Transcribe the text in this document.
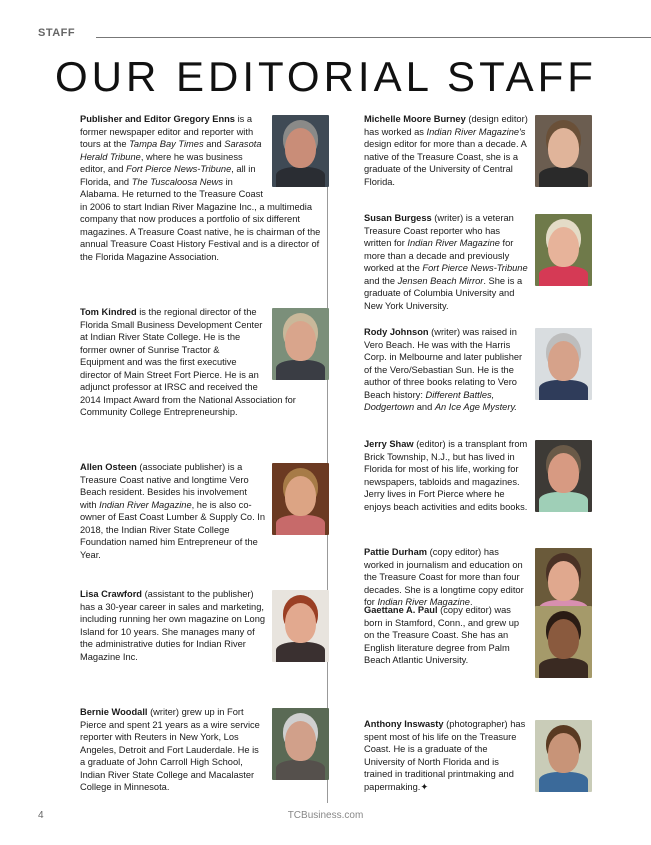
STAFF
OUR EDITORIAL STAFF
Publisher and Editor Gregory Enns is a former newspaper editor and reporter with tours at the Tampa Bay Times and Sarasota Herald Tribune, where he was business editor, and Fort Pierce News-Tribune, all in Florida, and The Tuscaloosa News in Alabama. He returned to the Treasure Coast in 2006 to start Indian River Magazine Inc., a multimedia company that now produces a portfolio of six different magazines. A Treasure Coast native, he is chairman of the annual Treasure Coast History Festival and is a director of the Florida Magazine Association.
Tom Kindred is the regional director of the Florida Small Business Development Center at Indian River State College. He is the former owner of Sunrise Tractor & Equipment and was the first executive director of Main Street Fort Pierce. He is an adjunct professor at IRSC and received the 2014 Impact Award from the National Association for Community College Entrepreneurship.
Allen Osteen (associate publisher) is a Treasure Coast native and longtime Vero Beach resident. Besides his involvement with Indian River Magazine, he is also co-owner of East Coast Lumber & Supply Co. In 2018, the Indian River State College Foundation named him Entrepreneur of the Year.
Lisa Crawford (assistant to the publisher) has a 30-year career in sales and marketing, including running her own magazine on Long Island for 10 years. She manages many of the administrative duties for Indian River Magazine Inc.
Bernie Woodall (writer) grew up in Fort Pierce and spent 21 years as a wire service reporter with Reuters in New York, Los Angeles, Detroit and Fort Lauderdale. He is a graduate of John Carroll High School, Indian River State College and Macalaster College in Minnesota.
Michelle Moore Burney (design editor) has worked as Indian River Magazine's design editor for more than a decade. A native of the Treasure Coast, she is a graduate of the University of Central Florida.
Susan Burgess (writer) is a veteran Treasure Coast reporter who has written for Indian River Magazine for more than a decade and previously worked at the Fort Pierce News-Tribune and the Jensen Beach Mirror. She is a graduate of Columbia University and New York University.
Rody Johnson (writer) was raised in Vero Beach. He was with the Harris Corp. in Melbourne and later publisher of the Vero/Sebastian Sun. He is the author of three books relating to Vero Beach history: Different Battles, Dodgertown and An Ice Age Mystery.
Jerry Shaw (editor) is a transplant from Brick Township, N.J., but has lived in Florida for most of his life, working for newspapers, tabloids and magazines. Jerry lives in Fort Pierce where he enjoys beach activities and edits books.
Pattie Durham (copy editor) has worked in journalism and education on the Treasure Coast for more than four decades. She is a longtime copy editor for Indian River Magazine.
Gaettane A. Paul (copy editor) was born in Stamford, Conn., and grew up on the Treasure Coast. She has an English literature degree from Palm Beach Atlantic University.
Anthony Inswasty (photographer) has spent most of his life on the Treasure Coast. He is a graduate of the University of North Florida and is trained in traditional printmaking and papermaking.✦
4	TCBusiness.com
